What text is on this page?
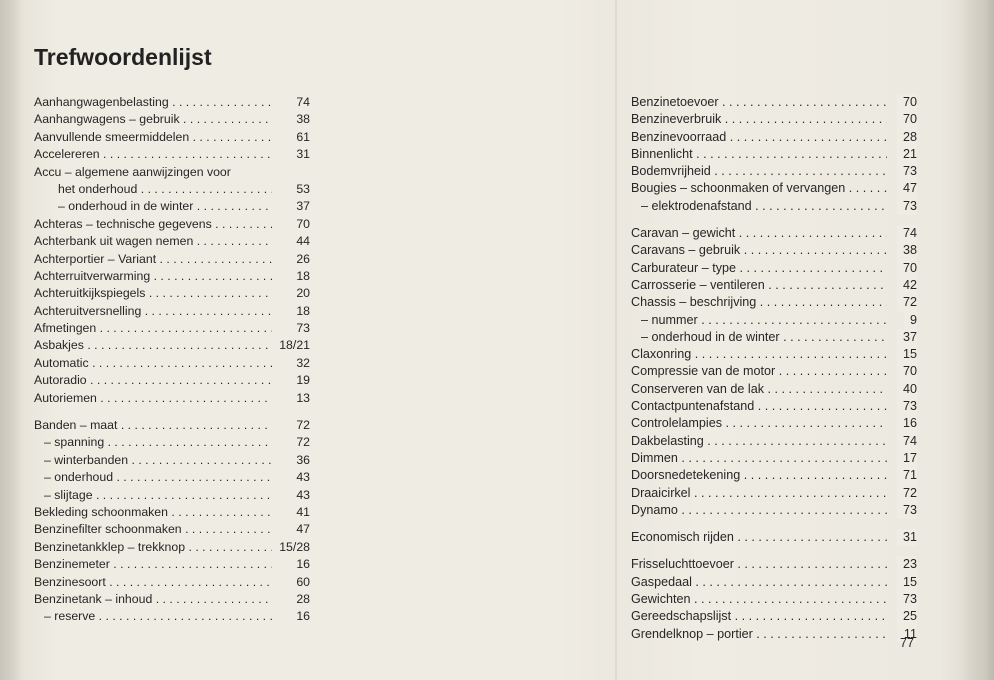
Trefwoordenlijst
Aanhangwagenbelasting . .	74
Aanhangwagens – gebruik . .	38
Aanvullende smeermiddelen . .	61
Accelereren . .	31
Accu – algemene aanwijzingen voor
het onderhoud . .	53
– onderhoud in de winter . .	37
Achteras – technische gegevens . .	70
Achterbank uit wagen nemen . .	44
Achterportier – Variant . .	26
Achterruitverwarming . .	18
Achteruitkijkspiegels . .	20
Achteruitversnelling . .	18
Afmetingen . .	73
Asbakjes . .	18/21
Automatic . .	32
Autoradio . .	19
Autoriemen . .	13
Banden – maat . .	72
– spanning . .	72
– winterbanden . .	36
– onderhoud . .	43
– slijtage . .	43
Bekleding schoonmaken . .	41
Benzinefilter schoonmaken . .	47
Benzinetankklep – trekknop . .	15/28
Benzinemeter . .	16
Benzinesoort . .	60
Benzinetank – inhoud . .	28
– reserve . .	16
Benzinetoevoer . .	70
Benzineverbruik . .	70
Benzinevoorraad . .	28
Binnenlicht . .	21
Bodemvrijheid . .	73
Bougies – schoonmaken of vervangen . .	47
– elektrodenafstand . .	73
Caravan – gewicht . .	74
Caravans – gebruik . .	38
Carburateur – type . .	70
Carrosserie – ventileren . .	42
Chassis – beschrijving . .	72
– nummer . .	9
– onderhoud in de winter . .	37
Claxonring . .	15
Compressie van de motor . .	70
Conserveren van de lak . .	40
Contactpuntenafstand . .	73
Controlelampies . .	16
Dakbelasting . .	74
Dimmen . .	17
Doorsnedetekening . .	71
Draaicirkel . .	72
Dynamo . .	73
Economisch rijden . .	31
Frisseluchttoevoer . .	23
Gaspedaal . .	15
Gewichten . .	73
Gereedschapslijst . .	25
Grendelknop – portier . .	11
77
